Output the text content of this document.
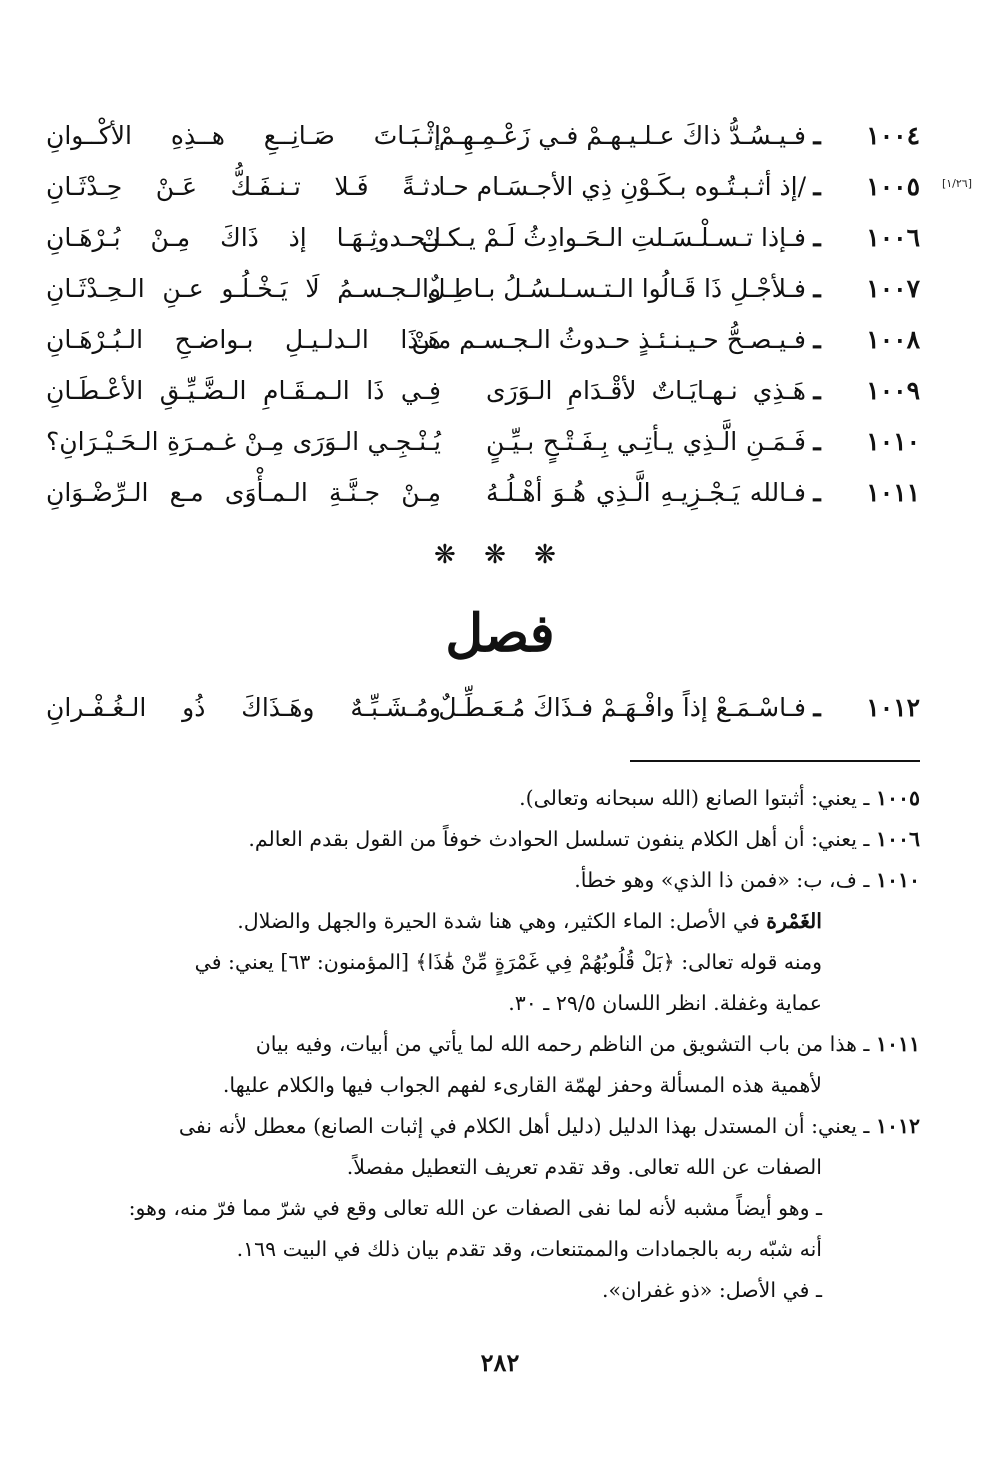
١٠٠٤
ـ
فـيـسُـدُّ ذاكَ عـلـيـهـمْ فـي زَعْـمِـهِـمْ
إثْـبَـاتَ صَـانِــعِ هــذِهِ الأكْــوانِ
١٠٠٥
ـ
/إذ أثـبـتُـوه بـكَـوْنِ ذِي الأجـسَـام حـا
دثـةً فَـلا تـنـفَـكُّ عَـنْ حِـدْثَـانِ	[١/٢٦]
١٠٠٦
ـ
فـإذا تـسـلْـسَـلتِ الـحَـوادِثُ لَـمْ يـكـنْ
لـحـدوثِـهَـا إذ ذَاكَ مِـنْ بُـرْهَـانِ
١٠٠٧
ـ
فـلأجْـلِ ذَا قَـالُوا الـتـسـلـسُـلُ بـاطِـلٌ
والـجـسـمُ لَا يَـخْـلُـو عـنِ الـحِـدْثَـانِ
١٠٠٨
ـ
فـيـصـحُّ حـيـنـئـذٍ حـدوثُ الـجـسـم مـنْ
هَـذَا الـدلـيـلِ بـواضـحِ الـبُـرْهَـانِ
١٠٠٩
ـ
هَـذِي نـهـايَـاتٌ لأقْـدَامِ الـوَرَى
فِـي ذَا الـمـقَـامِ الـضَّـيِّـقِ الأعْـطَـانِ
١٠١٠
ـ
فَـمَـنِ الَّـذِي يـأتِـي بِـفَـتْـحٍ بـيِّـنٍ
يُـنْـجِـي الـوَرَى مِـنْ غـمـرَةِ الـحَـيْـرَانِ؟
١٠١١
ـ
فـالله يَـجْـزِيـهِ الَّـذِي هُـوَ أهْـلُـهُ
مِـنْ جـنَّـةِ الـمـأْوَى مـع الـرِّضْـوَانِ
❋ ❋ ❋
فصل
١٠١٢
ـ
فـاسْـمَـعْ إذاً وافْـهَـمْ فـذَاكَ مُـعَـطِّـلٌ
ومُـشَـبِّـهٌ وهَـذَاكَ ذُو الـغُـفْـرانِ
١٠٠٥ ـ يعني: أثبتوا الصانع (الله سبحانه وتعالى).
١٠٠٦ ـ يعني: أن أهل الكلام ينفون تسلسل الحوادث خوفاً من القول بقدم العالم.
١٠١٠ ـ ف، ب: «فمن ذا الذي» وهو خطأ.
الغَمْرة في الأصل: الماء الكثير، وهي هنا شدة الحيرة والجهل والضلال.
ومنه قوله تعالى: ﴿بَلْ قُلُوبُهُمْ فِي غَمْرَةٍ مِّنْ هَٰذَا﴾ [المؤمنون: ٦٣] يعني: في
عماية وغفلة. انظر اللسان ٢٩/٥ ـ ٣٠.
١٠١١ ـ هذا من باب التشويق من الناظم رحمه الله لما يأتي من أبيات، وفيه بيان
لأهمية هذه المسألة وحفز لهمّة القارىء لفهم الجواب فيها والكلام عليها.
١٠١٢ ـ يعني: أن المستدل بهذا الدليل (دليل أهل الكلام في إثبات الصانع) معطل لأنه نفى
الصفات عن الله تعالى. وقد تقدم تعريف التعطيل مفصلاً.
ـ وهو أيضاً مشبه لأنه لما نفى الصفات عن الله تعالى وقع في شرّ مما فرّ منه، وهو:
أنه شبّه ربه بالجمادات والممتنعات، وقد تقدم بيان ذلك في البيت ١٦٩.
ـ في الأصل: «ذو غفران».
٢٨٢
